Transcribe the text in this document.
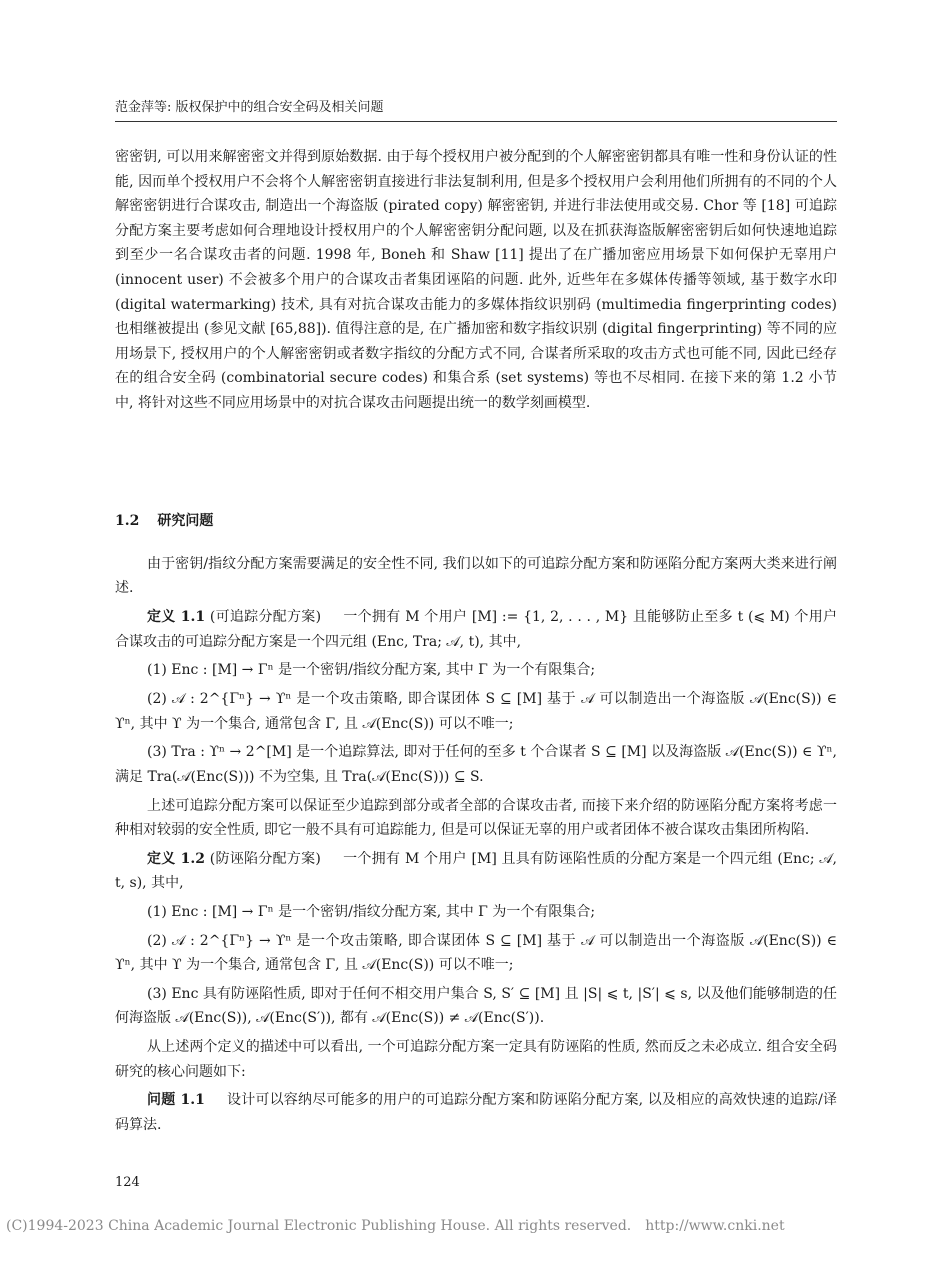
范金萍等: 版权保护中的组合安全码及相关问题

密密钥, 可以用来解密密文并得到原始数据. 由于每个授权用户被分配到的个人解密密钥都具有唯一性和身份认证的性能, 因而单个授权用户不会将个人解密密钥直接进行非法复制利用, 但是多个授权用户会利用他们所拥有的不同的个人解密密钥进行合谋攻击, 制造出一个海盗版 (pirated copy) 解密密钥, 并进行非法使用或交易. Chor 等 [18] 可追踪分配方案主要考虑如何合理地设计授权用户的个人解密密钥分配问题, 以及在抓获海盗版解密密钥后如何快速地追踪到至少一名合谋攻击者的问题. 1998 年, Boneh 和 Shaw [11] 提出了在广播加密应用场景下如何保护无辜用户 (innocent user) 不会被多个用户的合谋攻击者集团诬陷的问题. 此外, 近些年在多媒体传播等领域, 基于数字水印 (digital watermarking) 技术, 具有对抗合谋攻击能力的多媒体指纹识别码 (multimedia fingerprinting codes) 也相继被提出 (参见文献 [65,88]). 值得注意的是, 在广播加密和数字指纹识别 (digital fingerprinting) 等不同的应用场景下, 授权用户的个人解密密钥或者数字指纹的分配方式不同, 合谋者所采取的攻击方式也可能不同, 因此已经存在的组合安全码 (combinatorial secure codes) 和集合系 (set systems) 等也不尽相同. 在接下来的第 1.2 小节中, 将针对这些不同应用场景中的对抗合谋攻击问题提出统一的数学刻画模型.

1.2 研究问题

由于密钥/指纹分配方案需要满足的安全性不同, 我们以如下的可追踪分配方案和防诬陷分配方案两大类来进行阐述.

定义 1.1 (可追踪分配方案) 一个拥有 M 个用户 [M] := {1, 2, . . . , M} 且能够防止至多 t (⩽ M) 个用户合谋攻击的可追踪分配方案是一个四元组 (Enc, Tra; 𝒜, t), 其中,

(1) Enc : [M] → Γⁿ 是一个密钥/指纹分配方案, 其中 Γ 为一个有限集合;

(2) 𝒜 : 2^{Γⁿ} → ϒⁿ 是一个攻击策略, 即合谋团体 S ⊆ [M] 基于 𝒜 可以制造出一个海盗版 𝒜(Enc(S)) ∈ ϒⁿ, 其中 ϒ 为一个集合, 通常包含 Γ, 且 𝒜(Enc(S)) 可以不唯一;

(3) Tra : ϒⁿ → 2^[M] 是一个追踪算法, 即对于任何的至多 t 个合谋者 S ⊆ [M] 以及海盗版 𝒜(Enc(S)) ∈ ϒⁿ, 满足 Tra(𝒜(Enc(S))) 不为空集, 且 Tra(𝒜(Enc(S))) ⊆ S.

上述可追踪分配方案可以保证至少追踪到部分或者全部的合谋攻击者, 而接下来介绍的防诬陷分配方案将考虑一种相对较弱的安全性质, 即它一般不具有可追踪能力, 但是可以保证无辜的用户或者团体不被合谋攻击集团所构陷.

定义 1.2 (防诬陷分配方案) 一个拥有 M 个用户 [M] 且具有防诬陷性质的分配方案是一个四元组 (Enc; 𝒜, t, s), 其中,

(1) Enc : [M] → Γⁿ 是一个密钥/指纹分配方案, 其中 Γ 为一个有限集合;

(2) 𝒜 : 2^{Γⁿ} → ϒⁿ 是一个攻击策略, 即合谋团体 S ⊆ [M] 基于 𝒜 可以制造出一个海盗版 𝒜(Enc(S)) ∈ ϒⁿ, 其中 ϒ 为一个集合, 通常包含 Γ, 且 𝒜(Enc(S)) 可以不唯一;

(3) Enc 具有防诬陷性质, 即对于任何不相交用户集合 S, S′ ⊆ [M] 且 |S| ⩽ t, |S′| ⩽ s, 以及他们能够制造的任何海盗版 𝒜(Enc(S)), 𝒜(Enc(S′)), 都有 𝒜(Enc(S)) ≠ 𝒜(Enc(S′)).

从上述两个定义的描述中可以看出, 一个可追踪分配方案一定具有防诬陷的性质, 然而反之未必成立. 组合安全码研究的核心问题如下:

问题 1.1 设计可以容纳尽可能多的用户的可追踪分配方案和防诬陷分配方案, 以及相应的高效快速的追踪/译码算法.

124
(C)1994-2023 China Academic Journal Electronic Publishing House. All rights reserved. http://www.cnki.net
